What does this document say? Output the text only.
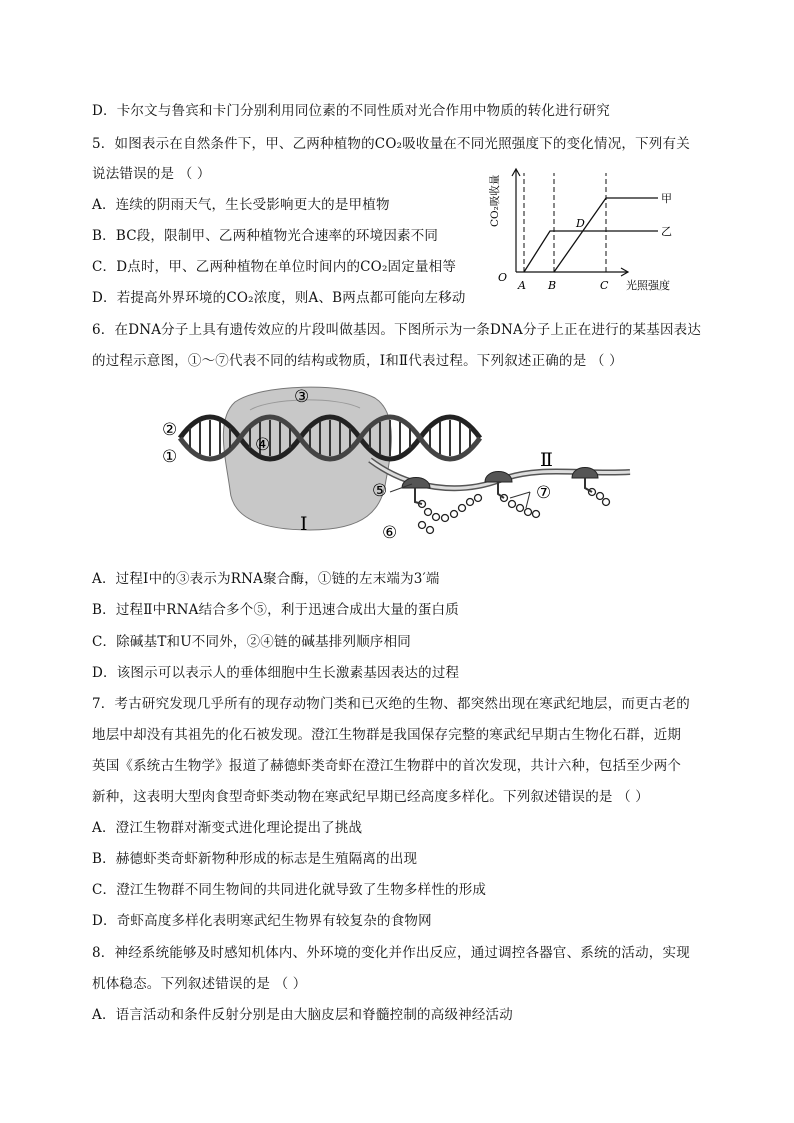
D．卡尔文与鲁宾和卡门分别利用同位素的不同性质对光合作用中物质的转化进行研究
5．如图表示在自然条件下，甲、乙两种植物的CO₂吸收量在不同光照强度下的变化情况，下列有关
说法错误的是 （ ）
A．连续的阴雨天气，生长受影响更大的是甲植物
B．BC段，限制甲、乙两种植物光合速率的环境因素不同
C．D点时，甲、乙两种植物在单位时间内的CO₂固定量相等
D．若提高外界环境的CO₂浓度，则A、B两点都可能向左移动
CO₂吸收量
O
A B	C
D
光照强度
甲
乙
6．在DNA分子上具有遗传效应的片段叫做基因。下图所示为一条DNA分子上正在进行的某基因表达
的过程示意图，①～⑦代表不同的结构或物质，Ⅰ和Ⅱ代表过程。下列叙述正确的是 （ ）
②
①
③
④
⑤
⑥
⑦
Ⅰ
Ⅱ
A．过程Ⅰ中的③表示为RNA聚合酶，①链的左末端为3′端
B．过程Ⅱ中RNA结合多个⑤，利于迅速合成出大量的蛋白质
C．除碱基T和U不同外，②④链的碱基排列顺序相同
D．该图示可以表示人的垂体细胞中生长激素基因表达的过程
7．考古研究发现几乎所有的现存动物门类和已灭绝的生物、都突然出现在寒武纪地层，而更古老的
地层中却没有其祖先的化石被发现。澄江生物群是我国保存完整的寒武纪早期古生物化石群，近期
英国《系统古生物学》报道了赫德虾类奇虾在澄江生物群中的首次发现，共计六种，包括至少两个
新种，这表明大型肉食型奇虾类动物在寒武纪早期已经高度多样化。下列叙述错误的是 （ ）
A．澄江生物群对渐变式进化理论提出了挑战
B．赫德虾类奇虾新物种形成的标志是生殖隔离的出现
C．澄江生物群不同生物间的共同进化就导致了生物多样性的形成
D．奇虾高度多样化表明寒武纪生物界有较复杂的食物网
8．神经系统能够及时感知机体内、外环境的变化并作出反应，通过调控各器官、系统的活动，实现
机体稳态。下列叙述错误的是 （ ）
A．语言活动和条件反射分别是由大脑皮层和脊髓控制的高级神经活动
